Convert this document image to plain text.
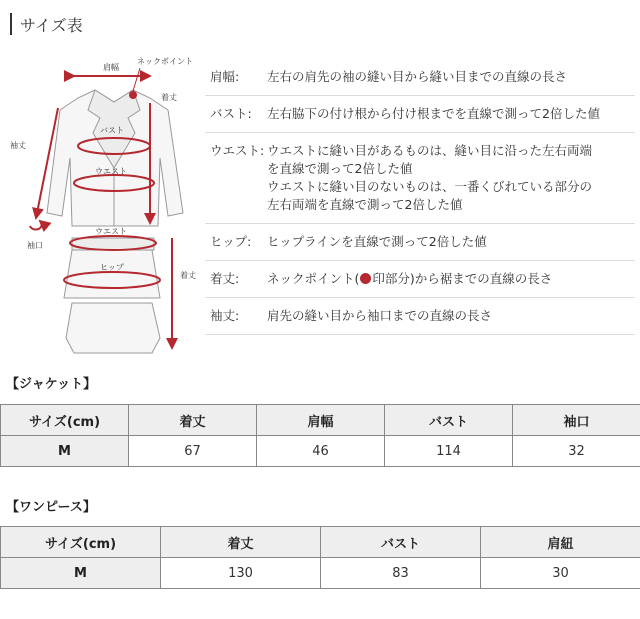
サイズ表
肩幅
ネックポイント
着丈
袖丈
バスト
ウエスト
ウエスト
袖口
ヒップ
着丈
肩幅:	左右の肩先の袖の縫い目から縫い目までの直線の長さ
バスト:	左右脇下の付け根から付け根までを直線で測って2倍した値
ウエスト: ウエストに縫い目があるものは、縫い目に沿った左右両端
を直線で測って2倍した値
ウエストに縫い目のないものは、一番くびれている部分の
左右両端を直線で測って2倍した値
ヒップ:	ヒップラインを直線で測って2倍した値
着丈:	ネックポイント( 印部分)から裾までの直線の長さ
袖丈:	肩先の縫い目から袖口までの直線の長さ
【ジャケット】
サイズ(cm)	着丈	肩幅	バスト	袖口
M	67	46	114	32
【ワンピース】
サイズ(cm)	着丈	バスト	肩紐
M	130	83	30
